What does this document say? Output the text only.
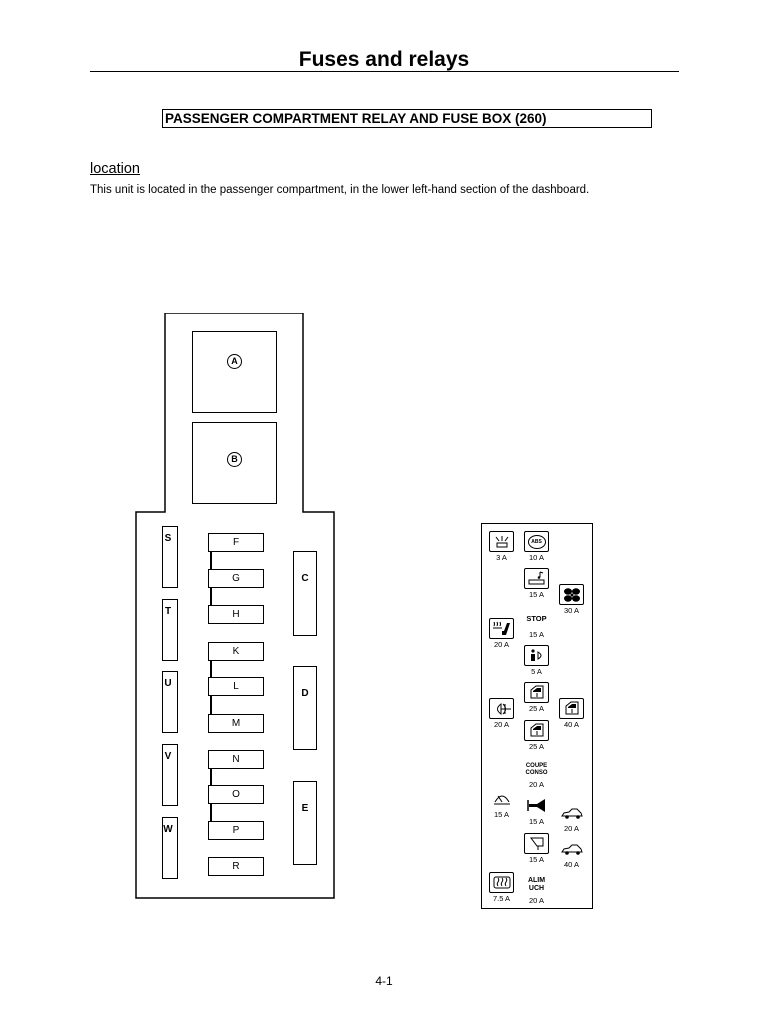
Fuses and relays
PASSENGER COMPARTMENT RELAY AND FUSE BOX (260)
location
This unit is located in the passenger compartment, in the lower left-hand section of the dashboard.
A
B
S
T
U
V
W
F
G
H
K
L
M
N
O
P
R
C
D
E
3 A
ABS
10 A
15 A
30 A
STOP
15 A
20 A
5 A
25 A
20 A	40 A
25 A
COUPE CONSO
20 A
15 A
15 A
20 A
15 A
40 A
7.5 A
ALIM UCH
20 A
4-1
